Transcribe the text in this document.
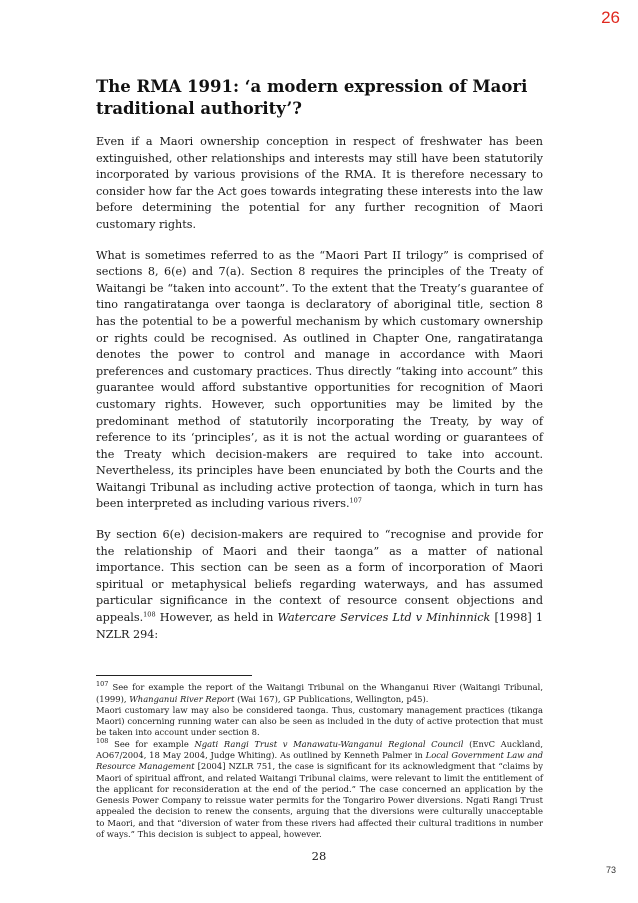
26
The RMA 1991: ‘a modern expression of Maori traditional authority’?

Even if a Maori ownership conception in respect of freshwater has been extinguished, other relationships and interests may still have been statutorily incorporated by various provisions of the RMA. It is therefore necessary to consider how far the Act goes towards integrating these interests into the law before determining the potential for any further recognition of Maori customary rights.

What is sometimes referred to as the “Maori Part II trilogy” is comprised of sections 8, 6(e) and 7(a). Section 8 requires the principles of the Treaty of Waitangi be “taken into account”. To the extent that the Treaty’s guarantee of tino rangatiratanga over taonga is declaratory of aboriginal title, section 8 has the potential to be a powerful mechanism by which customary ownership or rights could be recognised. As outlined in Chapter One, rangatiratanga denotes the power to control and manage in accordance with Maori preferences and customary practices. Thus directly “taking into account” this guarantee would afford substantive opportunities for recognition of Maori customary rights. However, such opportunities may be limited by the predominant method of statutorily incorporating the Treaty, by way of reference to its ‘principles’, as it is not the actual wording or guarantees of the Treaty which decision-makers are required to take into account. Nevertheless, its principles have been enunciated by both the Courts and the Waitangi Tribunal as including active protection of taonga, which in turn has been interpreted as including various rivers.$^{107}$

By section 6(e) decision-makers are required to “recognise and provide for the relationship of Maori and their taonga” as a matter of national importance. This section can be seen as a form of incorporation of Maori spiritual or metaphysical beliefs regarding waterways, and has assumed particular significance in the context of resource consent objections and appeals.$^{108}$ However, as held in Watercare Services Ltd v Minhinnick [1998] 1 NZLR 294:

$^{107}$ See for example the report of the Waitangi Tribunal on the Whanganui River (Waitangi Tribunal, (1999), Whanganui River Report (Wai 167), GP Publications, Wellington, p45).

Maori customary law may also be considered taonga. Thus, customary management practices (tikanga Maori) concerning running water can also be seen as included in the duty of active protection that must be taken into account under section 8.

$^{108}$ See for example Ngati Rangi Trust v Manawatu-Wanganui Regional Council (EnvC Auckland, AO67/2004, 18 May 2004, Judge Whiting). As outlined by Kenneth Palmer in Local Government Law and Resource Management [2004] NZLR 751, the case is significant for its acknowledgment that “claims by Maori of spiritual affront, and related Waitangi Tribunal claims, were relevant to limit the entitlement of the applicant for reconsideration at the end of the period.” The case concerned an application by the Genesis Power Company to reissue water permits for the Tongariro Power diversions. Ngati Rangi Trust appealed the decision to renew the consents, arguing that the diversions were culturally unacceptable to Maori, and that “diversion of water from these rivers had affected their cultural traditions in number of ways.” This decision is subject to appeal, however.

28
73
